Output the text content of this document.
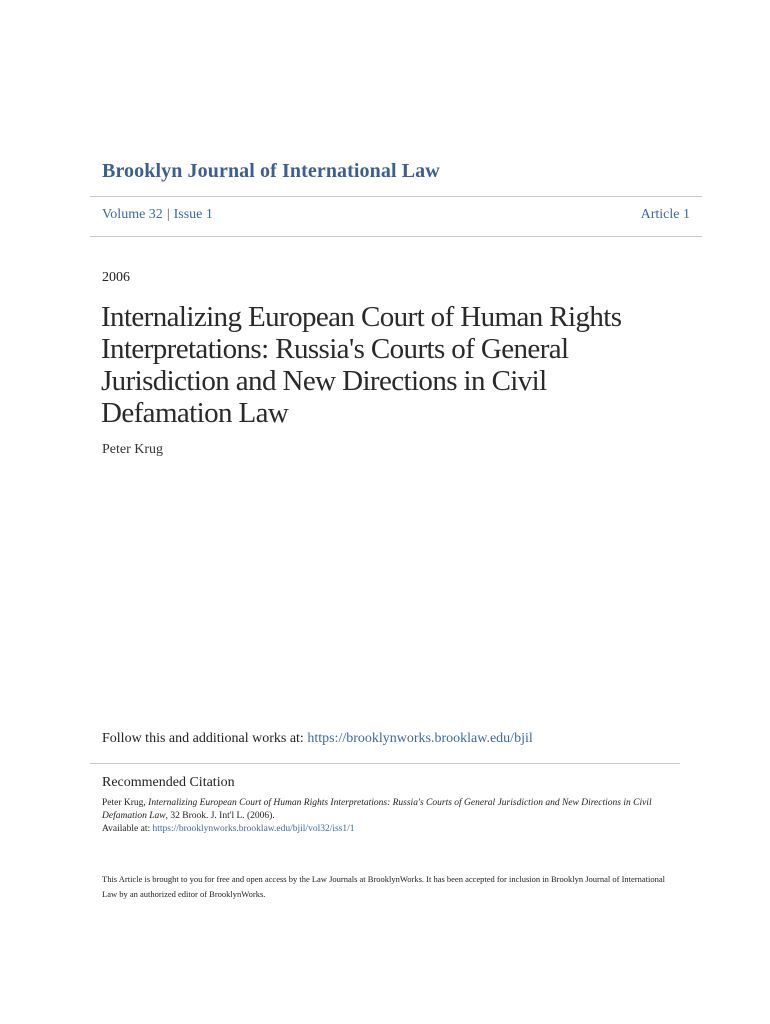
Brooklyn Journal of International Law
Volume 32 | Issue 1	Article 1
2006
Internalizing European Court of Human Rights Interpretations: Russia's Courts of General Jurisdiction and New Directions in Civil Defamation Law
Peter Krug
Follow this and additional works at: https://brooklynworks.brooklaw.edu/bjil
Recommended Citation
Peter Krug, Internalizing European Court of Human Rights Interpretations: Russia's Courts of General Jurisdiction and New Directions in Civil Defamation Law, 32 Brook. J. Int'l L. (2006).
Available at: https://brooklynworks.brooklaw.edu/bjil/vol32/iss1/1
This Article is brought to you for free and open access by the Law Journals at BrooklynWorks. It has been accepted for inclusion in Brooklyn Journal of International Law by an authorized editor of BrooklynWorks.
